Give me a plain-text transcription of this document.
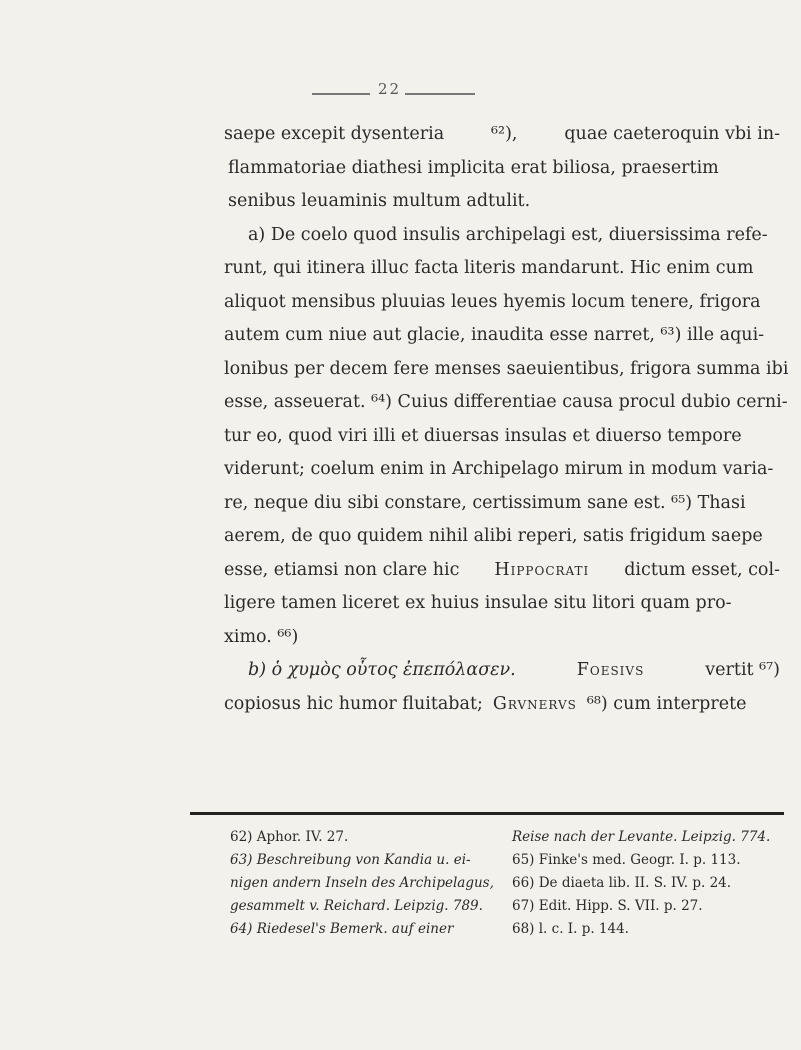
22
saepe excepit dysenteria	⁶²),	quae caeteroquin vbi in-
flammatoriae diathesi implicita erat biliosa, praesertim
senibus leuaminis multum adtulit.
a) De coelo quod insulis archipelagi est, diuersissima refe-
runt, qui itinera illuc facta literis mandarunt. Hic enim cum
aliquot mensibus pluuias leues hyemis locum tenere, frigora
autem cum niue aut glacie, inaudita esse narret, ⁶³) ille aqui-
lonibus per decem fere menses saeuientibus, frigora summa ibi
esse, asseuerat. ⁶⁴) Cuius differentiae causa procul dubio cerni-
tur eo, quod viri illi et diuersas insulas et diuerso tempore
viderunt; coelum enim in Archipelago mirum in modum varia-
re, neque diu sibi constare, certissimum sane est. ⁶⁵) Thasi
aerem, de quo quidem nihil alibi reperi, satis frigidum saepe
esse, etiamsi non clare hic Hippocrati dictum esset, col-
ligere tamen liceret ex huius insulae situ litori quam pro-
ximo. ⁶⁶)
b) ὁ χυμὸς οὗτος ἐπεπόλασεν.	Foesivs	vertit ⁶⁷)
copiosus hic humor fluitabat; Grvnervs ⁶⁸) cum interprete
62) Aphor. IV. 27.
63) Beschreibung von Kandia u. ei-
nigen andern Inseln des Archipelagus,
gesammelt v. Reichard. Leipzig. 789.
64) Riedesel's Bemerk. auf einer
Reise nach der Levante. Leipzig. 774.
65) Finke's med. Geogr. I. p. 113.
66) De diaeta lib. II. S. IV. p. 24.
67) Edit. Hipp. S. VII. p. 27.
68) l. c. I. p. 144.
